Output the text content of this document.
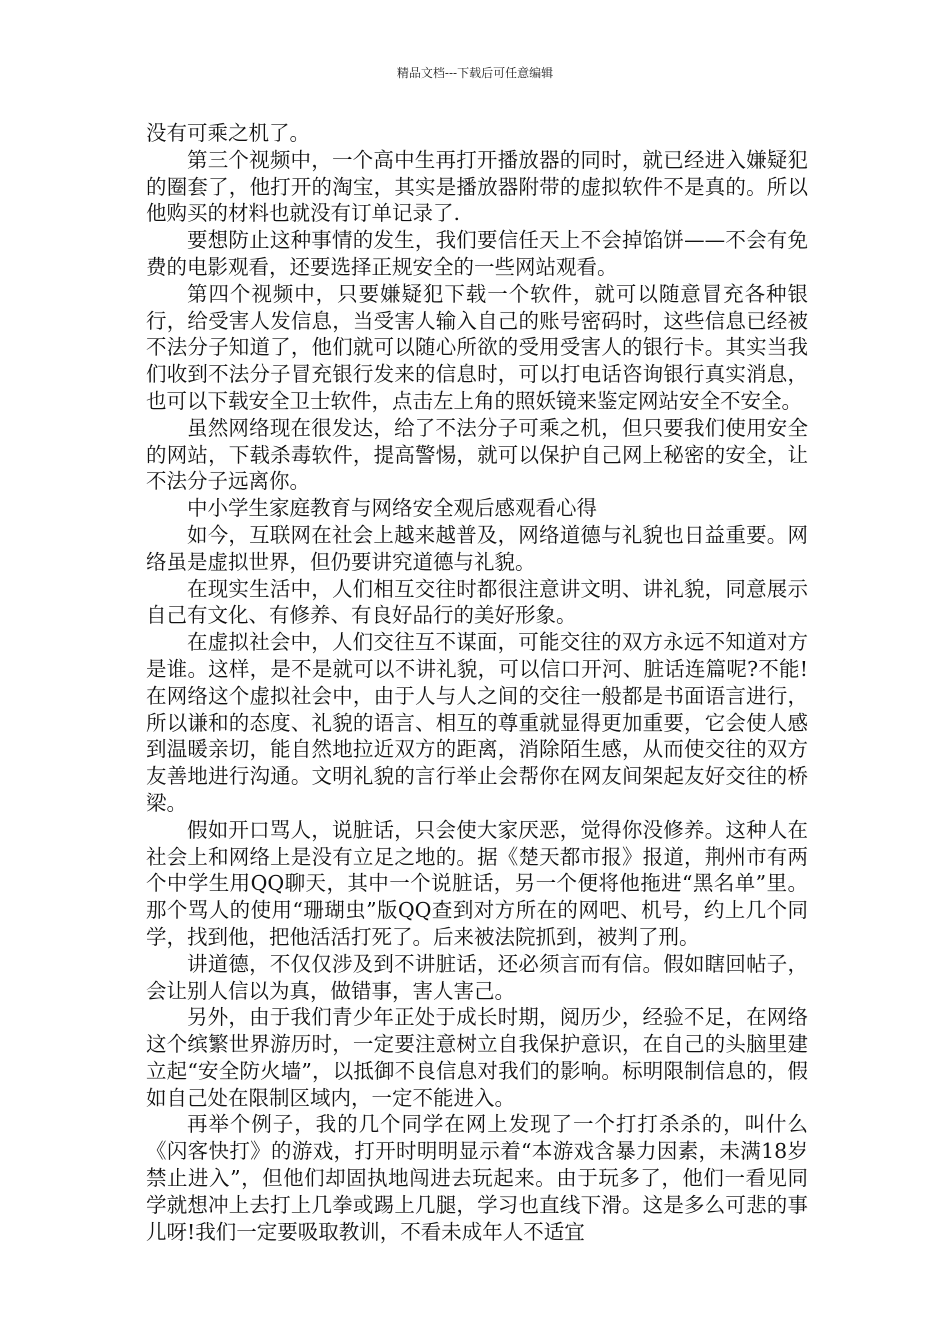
精品文档---下载后可任意编辑

没有可乘之机了。

第三个视频中，一个高中生再打开播放器的同时，就已经进入嫌疑犯的圈套了，他打开的淘宝，其实是播放器附带的虚拟软件不是真的。所以他购买的材料也就没有订单记录了.

要想防止这种事情的发生，我们要信任天上不会掉馅饼——不会有免费的电影观看，还要选择正规安全的一些网站观看。

第四个视频中，只要嫌疑犯下载一个软件，就可以随意冒充各种银行，给受害人发信息，当受害人输入自己的账号密码时，这些信息已经被不法分子知道了，他们就可以随心所欲的受用受害人的银行卡。其实当我们收到不法分子冒充银行发来的信息时，可以打电话咨询银行真实消息，也可以下载安全卫士软件，点击左上角的照妖镜来鉴定网站安全不安全。

虽然网络现在很发达，给了不法分子可乘之机，但只要我们使用安全的网站，下载杀毒软件，提高警惕，就可以保护自己网上秘密的安全，让不法分子远离你。

中小学生家庭教育与网络安全观后感观看心得

如今，互联网在社会上越来越普及，网络道德与礼貌也日益重要。网络虽是虚拟世界，但仍要讲究道德与礼貌。

在现实生活中，人们相互交往时都很注意讲文明、讲礼貌，同意展示自己有文化、有修养、有良好品行的美好形象。

在虚拟社会中，人们交往互不谋面，可能交往的双方永远不知道对方是谁。这样，是不是就可以不讲礼貌，可以信口开河、脏话连篇呢?不能!在网络这个虚拟社会中，由于人与人之间的交往一般都是书面语言进行，所以谦和的态度、礼貌的语言、相互的尊重就显得更加重要，它会使人感到温暖亲切，能自然地拉近双方的距离，消除陌生感，从而使交往的双方友善地进行沟通。文明礼貌的言行举止会帮你在网友间架起友好交往的桥梁。

假如开口骂人，说脏话，只会使大家厌恶，觉得你没修养。这种人在社会上和网络上是没有立足之地的。据《楚天都市报》报道，荆州市有两个中学生用QQ聊天，其中一个说脏话，另一个便将他拖进“黑名单”里。那个骂人的使用“珊瑚虫”版QQ查到对方所在的网吧、机号，约上几个同学，找到他，把他活活打死了。后来被法院抓到，被判了刑。

讲道德，不仅仅涉及到不讲脏话，还必须言而有信。假如瞎回帖子，会让别人信以为真，做错事，害人害己。

另外，由于我们青少年正处于成长时期，阅历少，经验不足，在网络这个缤繁世界游历时，一定要注意树立自我保护意识，在自己的头脑里建立起“安全防火墙”，以抵御不良信息对我们的影响。标明限制信息的，假如自己处在限制区域内，一定不能进入。

再举个例子，我的几个同学在网上发现了一个打打杀杀的，叫什么《闪客快打》的游戏，打开时明明显示着“本游戏含暴力因素，未满18岁禁止进入”，但他们却固执地闯进去玩起来。由于玩多了，他们一看见同学就想冲上去打上几拳或踢上几腿，学习也直线下滑。这是多么可悲的事儿呀!我们一定要吸取教训，不看未成年人不适宜
